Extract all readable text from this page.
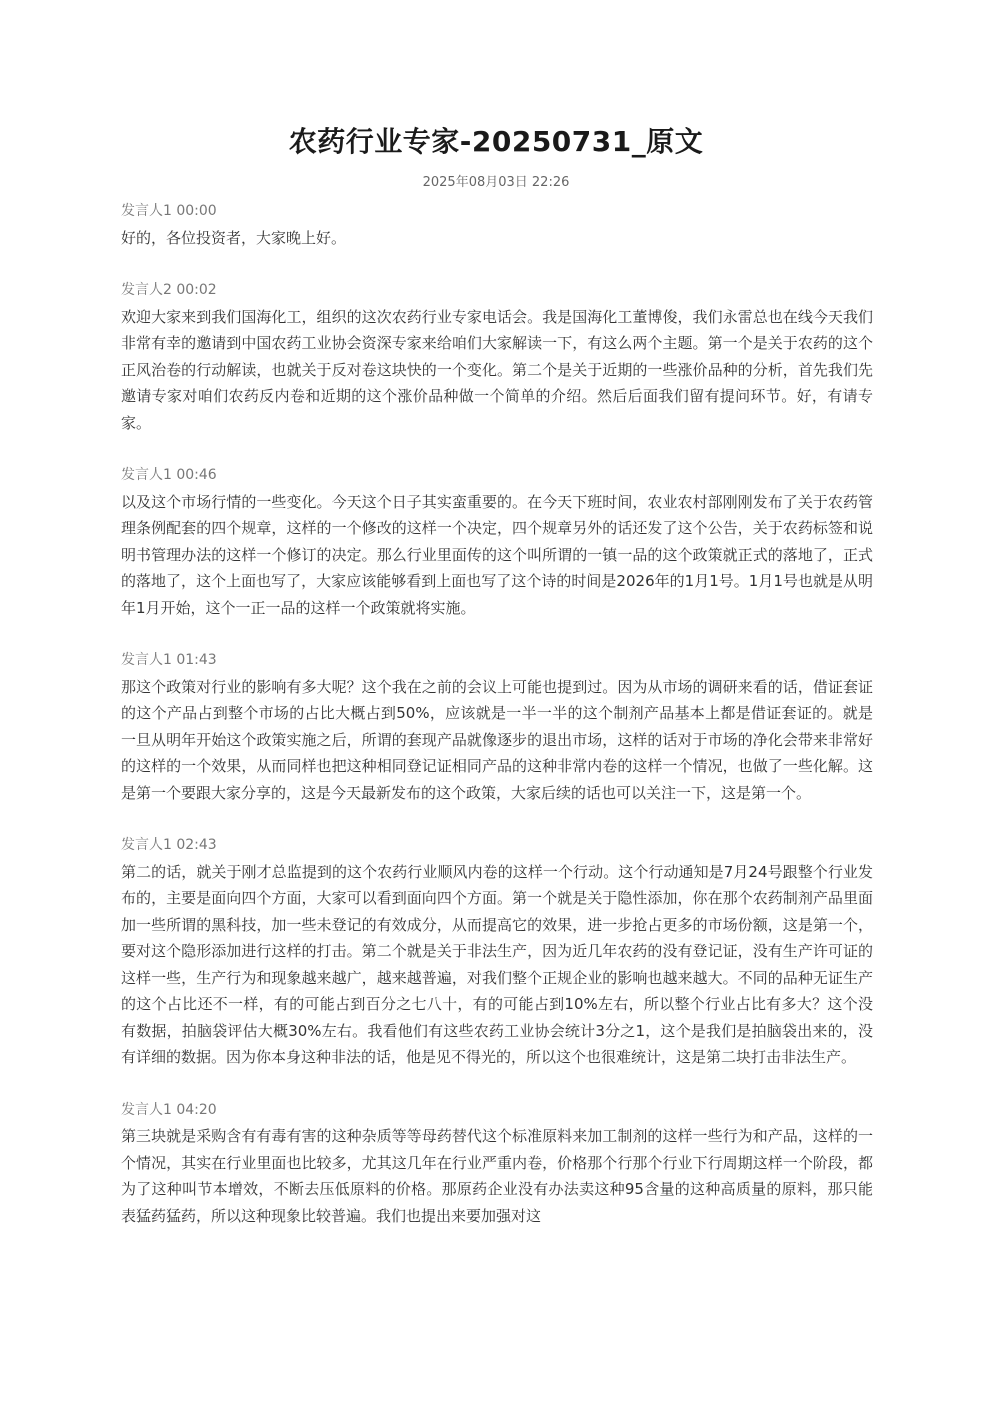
农药行业专家-20250731_原文
2025年08月03日 22:26
发言人1 00:00

好的，各位投资者，大家晚上好。

发言人2 00:02

欢迎大家来到我们国海化工，组织的这次农药行业专家电话会。我是国海化工董博俊，我们永雷总也在线今天我们非常有幸的邀请到中国农药工业协会资深专家来给咱们大家解读一下，有这么两个主题。第一个是关于农药的这个正风治卷的行动解读，也就关于反对卷这块快的一个变化。第二个是关于近期的一些涨价品种的分析，首先我们先邀请专家对咱们农药反内卷和近期的这个涨价品种做一个简单的介绍。然后后面我们留有提问环节。好，有请专家。

发言人1 00:46

以及这个市场行情的一些变化。今天这个日子其实蛮重要的。在今天下班时间，农业农村部刚刚发布了关于农药管理条例配套的四个规章，这样的一个修改的这样一个决定，四个规章另外的话还发了这个公告，关于农药标签和说明书管理办法的这样一个修订的决定。那么行业里面传的这个叫所谓的一镇一品的这个政策就正式的落地了，正式的落地了，这个上面也写了，大家应该能够看到上面也写了这个诗的时间是2026年的1月1号。1月1号也就是从明年1月开始，这个一正一品的这样一个政策就将实施。

发言人1 01:43

那这个政策对行业的影响有多大呢？这个我在之前的会议上可能也提到过。因为从市场的调研来看的话，借证套证的这个产品占到整个市场的占比大概占到50%，应该就是一半一半的这个制剂产品基本上都是借证套证的。就是一旦从明年开始这个政策实施之后，所谓的套现产品就像逐步的退出市场，这样的话对于市场的净化会带来非常好的这样的一个效果，从而同样也把这种相同登记证相同产品的这种非常内卷的这样一个情况，也做了一些化解。这是第一个要跟大家分享的，这是今天最新发布的这个政策，大家后续的话也可以关注一下，这是第一个。

发言人1 02:43

第二的话，就关于刚才总监提到的这个农药行业顺风内卷的这样一个行动。这个行动通知是7月24号跟整个行业发布的，主要是面向四个方面，大家可以看到面向四个方面。第一个就是关于隐性添加，你在那个农药制剂产品里面加一些所谓的黑科技，加一些未登记的有效成分，从而提高它的效果，进一步抢占更多的市场份额，这是第一个，要对这个隐形添加进行这样的打击。第二个就是关于非法生产，因为近几年农药的没有登记证，没有生产许可证的这样一些，生产行为和现象越来越广，越来越普遍，对我们整个正规企业的影响也越来越大。不同的品种无证生产的这个占比还不一样，有的可能占到百分之七八十，有的可能占到10%左右，所以整个行业占比有多大？这个没有数据，拍脑袋评估大概30%左右。我看他们有这些农药工业协会统计3分之1，这个是我们是拍脑袋出来的，没有详细的数据。因为你本身这种非法的话，他是见不得光的，所以这个也很难统计，这是第二块打击非法生产。

发言人1 04:20

第三块就是采购含有有毒有害的这种杂质等等母药替代这个标准原料来加工制剂的这样一些行为和产品，这样的一个情况，其实在行业里面也比较多，尤其这几年在行业严重内卷，价格那个行那个行业下行周期这样一个阶段，都为了这种叫节本增效，不断去压低原料的价格。那原药企业没有办法卖这种95含量的这种高质量的原料，那只能表猛药猛药，所以这种现象比较普遍。我们也提出来要加强对这
